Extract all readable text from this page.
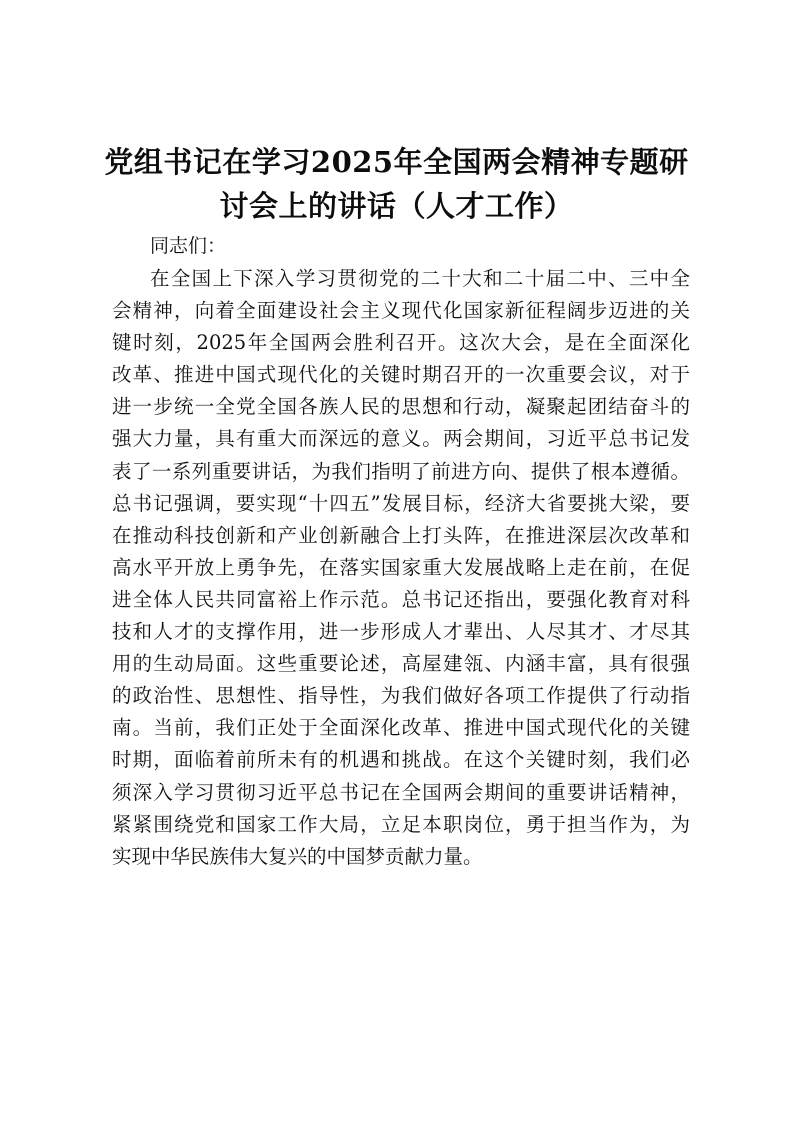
党组书记在学习2025年全国两会精神专题研
讨会上的讲话（人才工作）

同志们：

在全国上下深入学习贯彻党的二十大和二十届二中、三中全
会精神，向着全面建设社会主义现代化国家新征程阔步迈进的关
键时刻，2025年全国两会胜利召开。这次大会，是在全面深化
改革、推进中国式现代化的关键时期召开的一次重要会议，对于
进一步统一全党全国各族人民的思想和行动，凝聚起团结奋斗的
强大力量，具有重大而深远的意义。两会期间，习近平总书记发
表了一系列重要讲话，为我们指明了前进方向、提供了根本遵循。
总书记强调，要实现“十四五”发展目标，经济大省要挑大梁，要
在推动科技创新和产业创新融合上打头阵，在推进深层次改革和
高水平开放上勇争先，在落实国家重大发展战略上走在前，在促
进全体人民共同富裕上作示范。总书记还指出，要强化教育对科
技和人才的支撑作用，进一步形成人才辈出、人尽其才、才尽其
用的生动局面。这些重要论述，高屋建瓴、内涵丰富，具有很强
的政治性、思想性、指导性，为我们做好各项工作提供了行动指
南。当前，我们正处于全面深化改革、推进中国式现代化的关键
时期，面临着前所未有的机遇和挑战。在这个关键时刻，我们必
须深入学习贯彻习近平总书记在全国两会期间的重要讲话精神，
紧紧围绕党和国家工作大局，立足本职岗位，勇于担当作为，为
实现中华民族伟大复兴的中国梦贡献力量。
